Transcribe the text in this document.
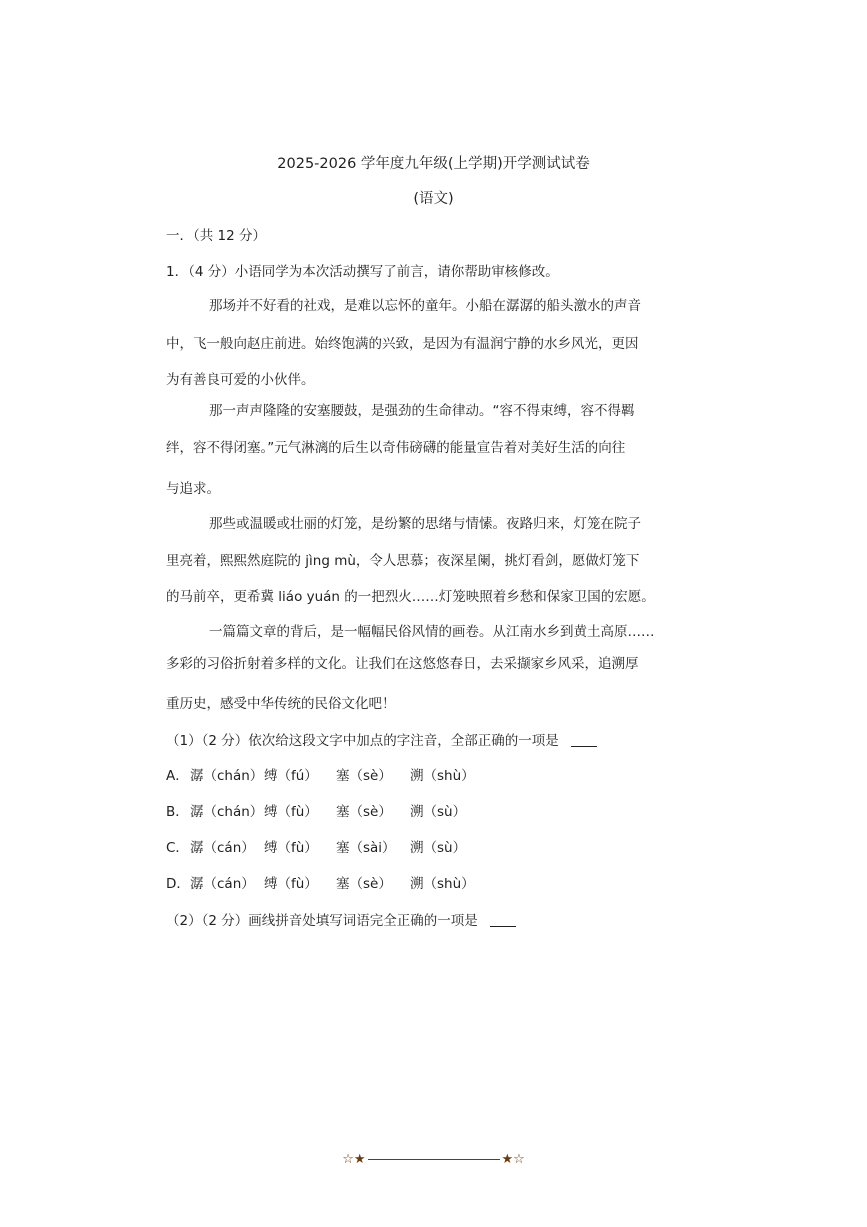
2025-2026 学年度九年级(上学期)开学测试试卷
(语文)
一．（共 12 分）
1．（4 分）小语同学为本次活动撰写了前言，请你帮助审核修改。
那场并不好看的社戏，是难以忘怀的童年。小船在潺潺的船头激水的声音
中，飞一般向赵庄前进。始终饱满的兴致，是因为有温润宁静的水乡风光，更因
为有善良可爱的小伙伴。
那一声声隆隆的安塞腰鼓，是强劲的生命律动。“容不得束缚，容不得羁
绊，容不得闭塞。”元气淋漓的后生以奇伟磅礴的能量宣告着对美好生活的向往
与追求。
那些或温暖或壮丽的灯笼，是纷繁的思绪与情愫。夜路归来，灯笼在院子
里亮着，熙熙然庭院的 jìng mù，令人思慕；夜深星阑，挑灯看剑，愿做灯笼下
的马前卒，更希冀 liáo yuán 的一把烈火……灯笼映照着乡愁和保家卫国的宏愿。
一篇篇文章的背后，是一幅幅民俗风情的画卷。从江南水乡到黄土高原……
多彩的习俗折射着多样的文化。让我们在这悠悠春日，去采撷家乡风采，追溯厚
重历史，感受中华传统的民俗文化吧！
（1）（2 分）依次给这段文字中加点的字注音，全部正确的一项是
A．潺（chán）缚（fú） 塞（sè） 溯（shù）
B．潺（chán）缚（fù） 塞（sè） 溯（sù）
C．潺（cán） 缚（fù） 塞（sài） 溯（sù）
D．潺（cán） 缚（fù） 塞（sè） 溯（shù）
（2）（2 分）画线拼音处填写词语完全正确的一项是
☆★	★☆
